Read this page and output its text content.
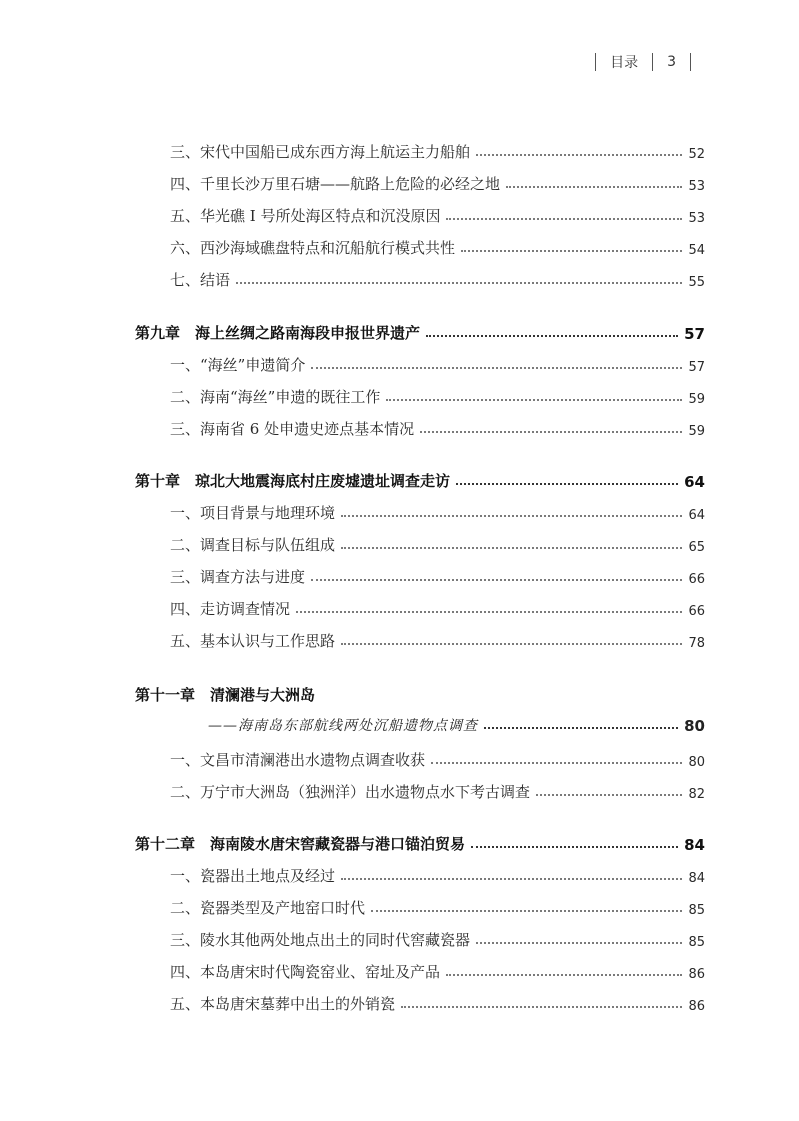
目录 3
三、宋代中国船已成东西方海上航运主力船舶	52
四、千里长沙万里石塘——航路上危险的必经之地	53
五、华光礁 I 号所处海区特点和沉没原因	53
六、西沙海域礁盘特点和沉船航行模式共性	54
七、结语	55
第九章　海上丝绸之路南海段申报世界遗产	57
一、“海丝”申遗简介	57
二、海南“海丝”申遗的既往工作	59
三、海南省 6 处申遗史迹点基本情况	59
第十章　琼北大地震海底村庄废墟遗址调查走访	64
一、项目背景与地理环境	64
二、调查目标与队伍组成	65
三、调查方法与进度	66
四、走访调查情况	66
五、基本认识与工作思路	78
第十一章　清澜港与大洲岛
——海南岛东部航线两处沉船遗物点调查	80
一、文昌市清澜港出水遗物点调查收获	80
二、万宁市大洲岛（独洲洋）出水遗物点水下考古调查	82
第十二章　海南陵水唐宋窖藏瓷器与港口锚泊贸易	84
一、瓷器出土地点及经过	84
二、瓷器类型及产地窑口时代	85
三、陵水其他两处地点出土的同时代窖藏瓷器	85
四、本岛唐宋时代陶瓷窑业、窑址及产品	86
五、本岛唐宋墓葬中出土的外销瓷	86
